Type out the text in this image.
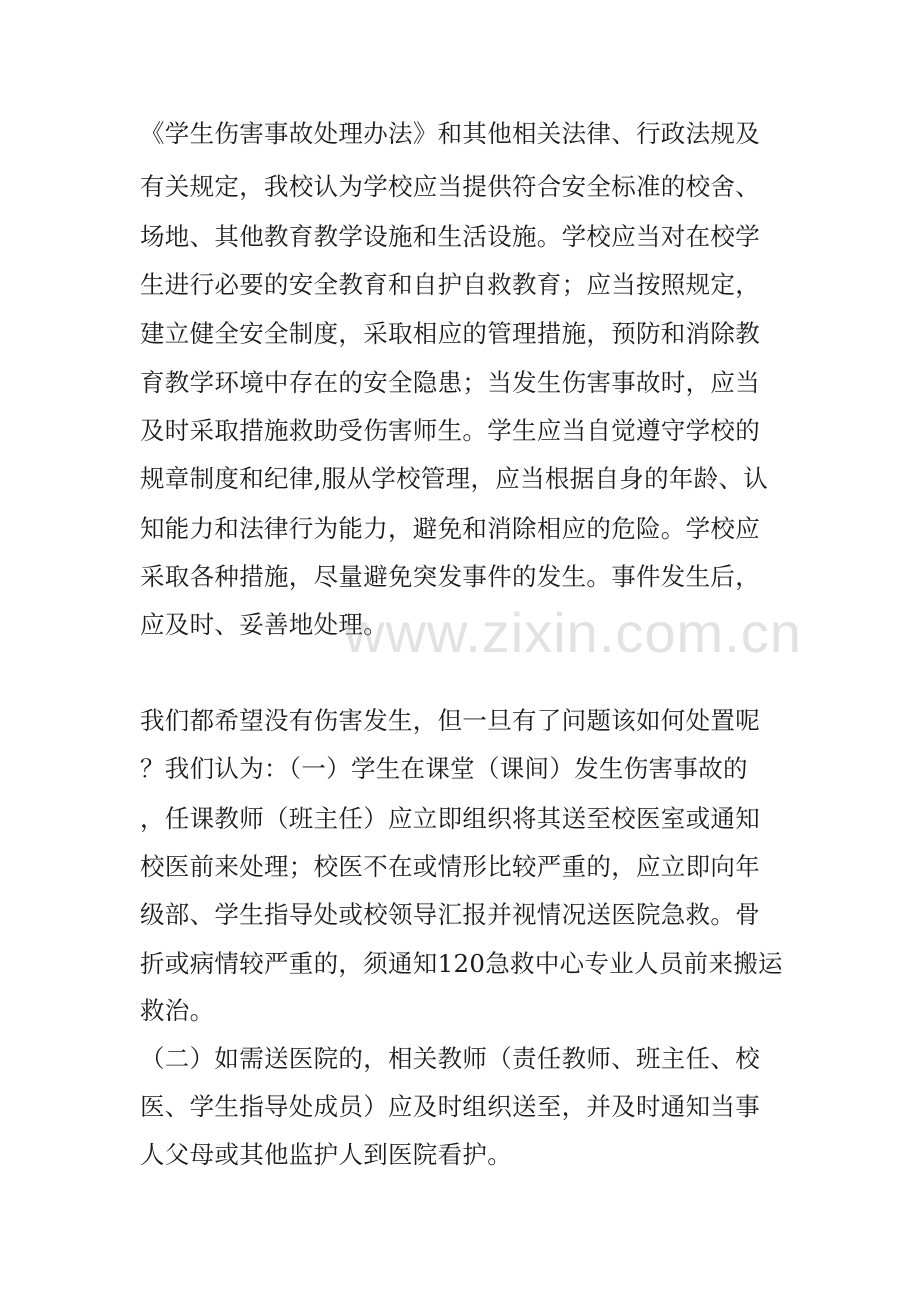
《学生伤害事故处理办法》和其他相关法律、行政法规及
有关规定，我校认为学校应当提供符合安全标准的校舍、
场地、其他教育教学设施和生活设施。学校应当对在校学
生进行必要的安全教育和自护自救教育；应当按照规定，
建立健全安全制度，采取相应的管理措施，预防和消除教
育教学环境中存在的安全隐患；当发生伤害事故时，应当
及时采取措施救助受伤害师生。学生应当自觉遵守学校的
规章制度和纪律,服从学校管理，应当根据自身的年龄、认
知能力和法律行为能力，避免和消除相应的危险。学校应
采取各种措施，尽量避免突发事件的发生。事件发生后，
应及时、妥善地处理。
我们都希望没有伤害发生，但一旦有了问题该如何处置呢
？我们认为：（一）学生在课堂（课间）发生伤害事故的
，任课教师（班主任）应立即组织将其送至校医室或通知
校医前来处理；校医不在或情形比较严重的，应立即向年
级部、学生指导处或校领导汇报并视情况送医院急救。骨
折或病情较严重的，须通知120急救中心专业人员前来搬运
救治。
（二）如需送医院的，相关教师（责任教师、班主任、校
医、学生指导处成员）应及时组织送至，并及时通知当事
人父母或其他监护人到医院看护。
www.zixin.com.cn
